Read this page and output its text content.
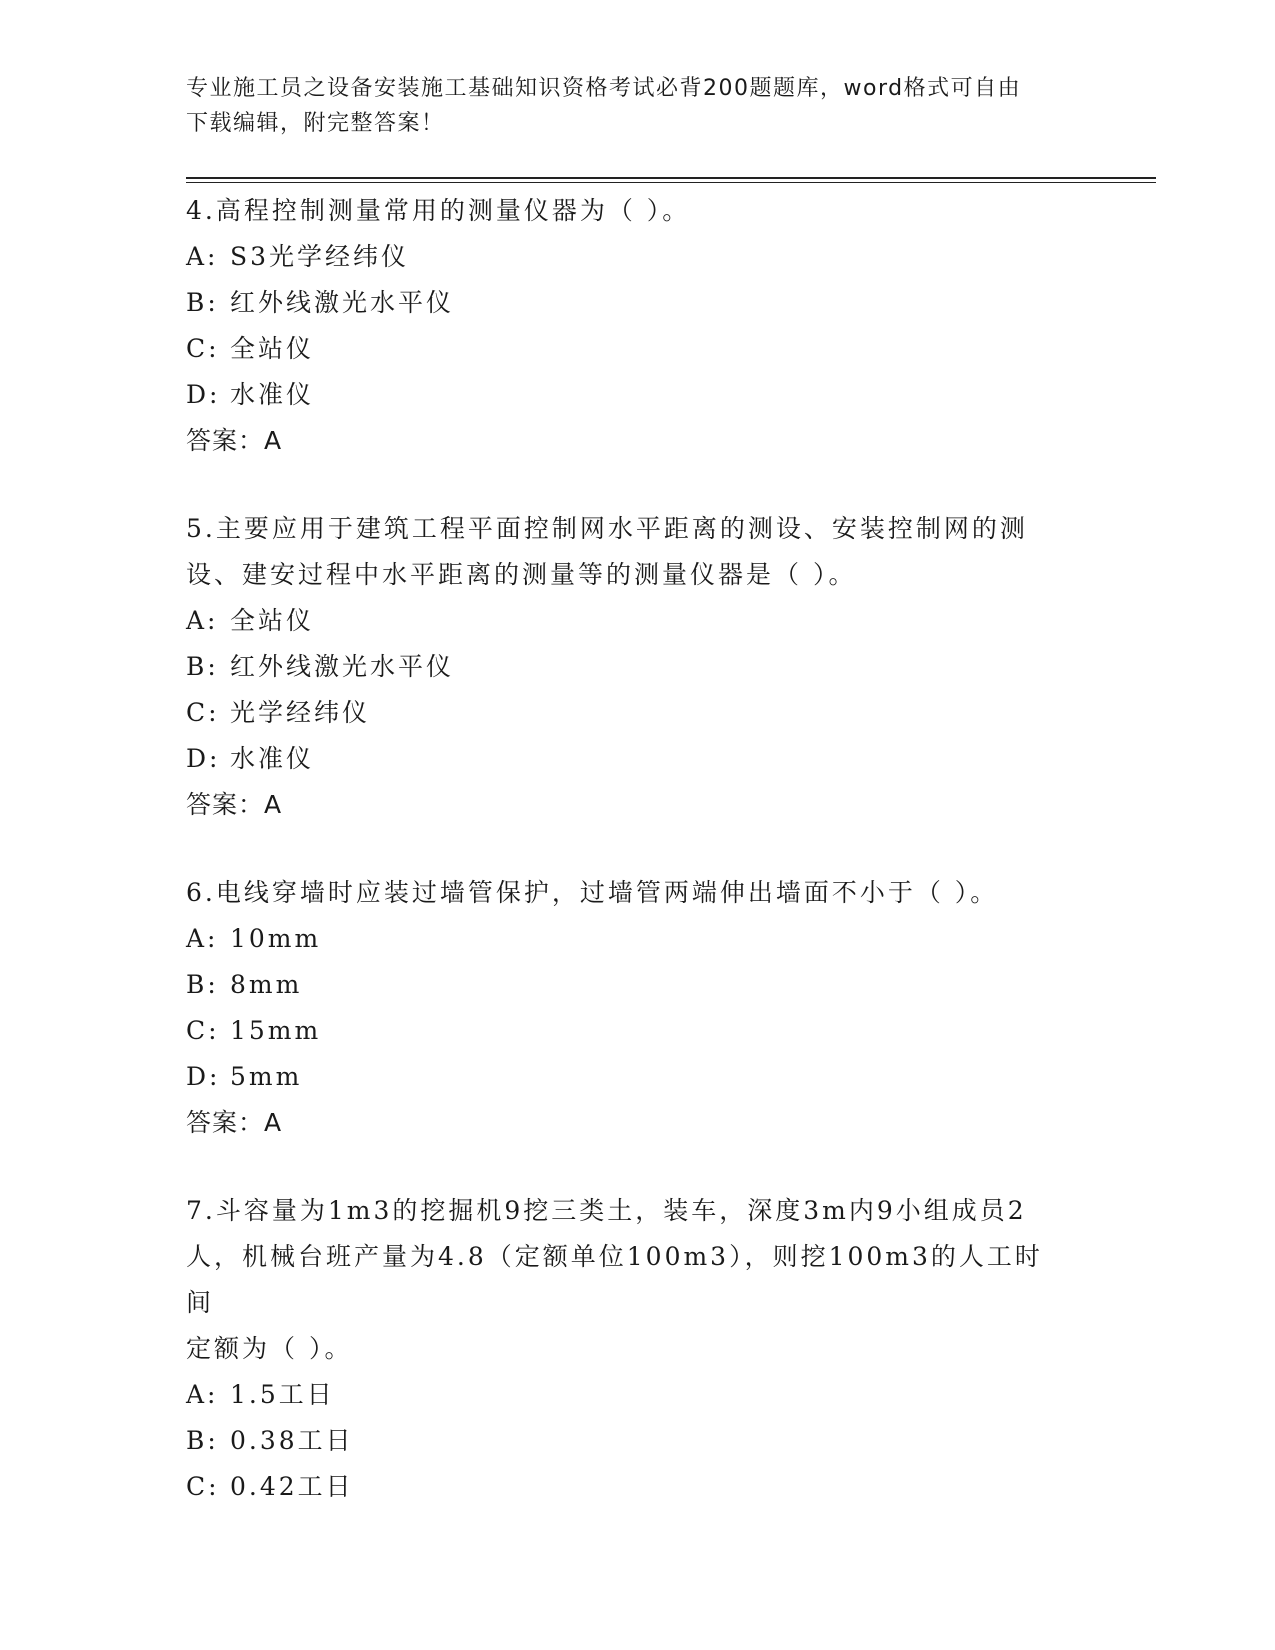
专业施工员之设备安装施工基础知识资格考试必背200题题库，word格式可自由
下载编辑，附完整答案！

4.高程控制测量常用的测量仪器为（ ）。

A: S3光学经纬仪

B: 红外线激光水平仪

C: 全站仪

D: 水准仪

答案：A

5.主要应用于建筑工程平面控制网水平距离的测设、安装控制网的测

设、建安过程中水平距离的测量等的测量仪器是（ ）。

A: 全站仪

B: 红外线激光水平仪

C: 光学经纬仪

D: 水准仪

答案：A

6.电线穿墙时应装过墙管保护，过墙管两端伸出墙面不小于（ ）。

A: 10mm

B: 8mm

C: 15mm

D: 5mm

答案：A

7.斗容量为1m3的挖掘机9挖三类土，装车，深度3m内9小组成员2

人，机械台班产量为4.8（定额单位100m3），则挖100m3的人工时间

定额为（ ）。

A: 1.5工日

B: 0.38工日

C: 0.42工日
